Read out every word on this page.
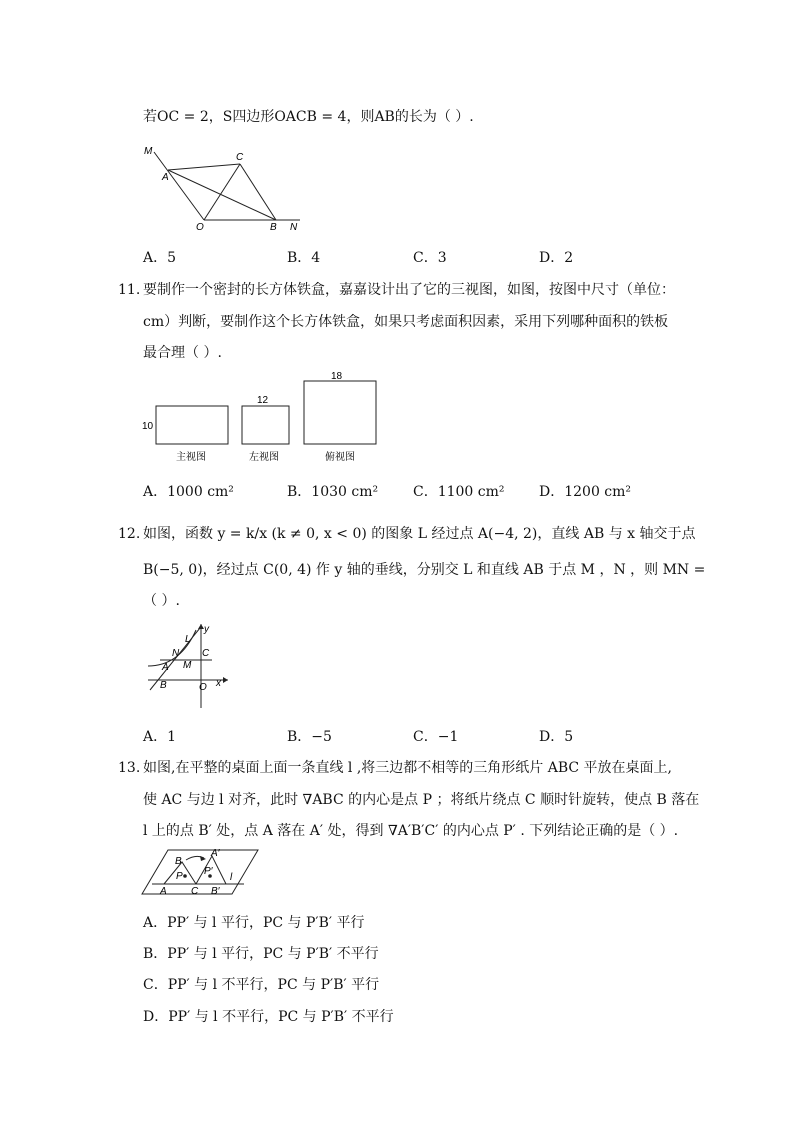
若OC = 2，S四边形OACB = 4，则AB的长为（ ）.
M
A
C
O	B N
A．5	B．4	C．3	D．2
11. 要制作一个密封的长方体铁盒，嘉嘉设计出了它的三视图，如图，按图中尺寸（单位：
cm）判断，要制作这个长方体铁盒，如果只考虑面积因素，采用下列哪种面积的铁板
最合理（ ）.
10
12
18
主视图	左视图	俯视图
A．1000 cm²	B．1030 cm² C．1100 cm² D．1200 cm²
12. 如图，函数 y = k/x (k ≠ 0, x < 0) 的图象 L 经过点 A(−4, 2)，直线 AB 与 x 轴交于点
B(−5, 0)，经过点 C(0, 4) 作 y 轴的垂线，分别交 L 和直线 AB 于点 M ，N ，则 MN =
（ ）.
y
L
N C
A M
B	O x
A．1	B．−5	C．−1	D．5
13. 如图,在平整的桌面上面一条直线 l ,将三边都不相等的三角形纸片 ABC 平放在桌面上,
使 AC 与边 l 对齐，此时 ∇ABC 的内心是点 P ；将纸片绕点 C 顺时针旋转，使点 B 落在
l 上的点 B′ 处，点 A 落在 A′ 处，得到 ∇A′B′C′ 的内心点 P′ . 下列结论正确的是（ ）.
A′
B
P P′
l
A C B′
A．PP′ 与 l 平行，PC 与 P′B′ 平行
B．PP′ 与 l 平行，PC 与 P′B′ 不平行
C．PP′ 与 l 不平行，PC 与 P′B′ 平行
D．PP′ 与 l 不平行，PC 与 P′B′ 不平行
